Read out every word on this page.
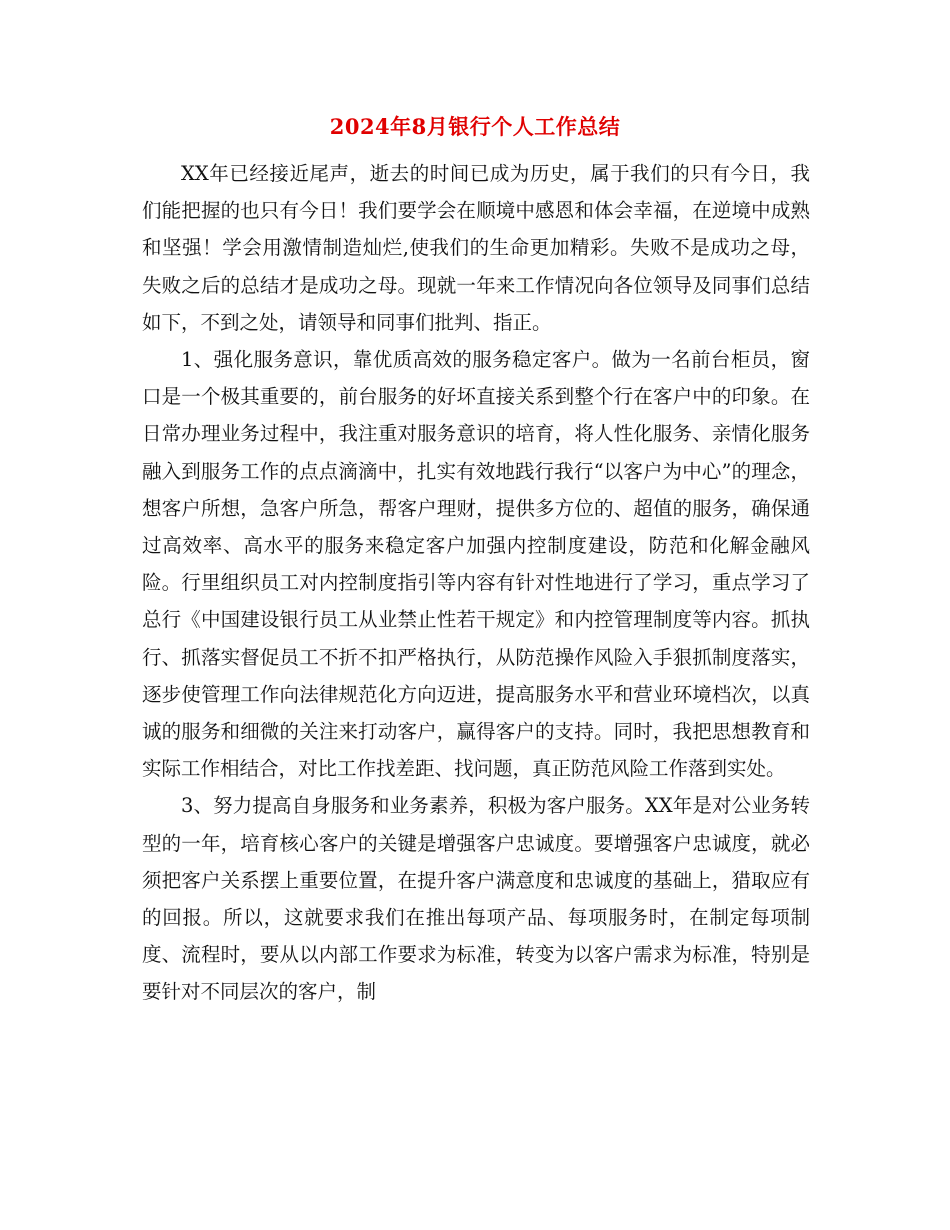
2024年8月银行个人工作总结

XX年已经接近尾声，逝去的时间已成为历史，属于我们的只有今日，我们能把握的也只有今日！我们要学会在顺境中感恩和体会幸福，在逆境中成熟和坚强！学会用激情制造灿烂,使我们的生命更加精彩。失败不是成功之母，失败之后的总结才是成功之母。现就一年来工作情况向各位领导及同事们总结如下，不到之处，请领导和同事们批判、指正。

1、强化服务意识，靠优质高效的服务稳定客户。做为一名前台柜员，窗口是一个极其重要的，前台服务的好坏直接关系到整个行在客户中的印象。在日常办理业务过程中，我注重对服务意识的培育，将人性化服务、亲情化服务融入到服务工作的点点滴滴中，扎实有效地践行我行“以客户为中心”的理念，想客户所想，急客户所急，帮客户理财，提供多方位的、超值的服务，确保通过高效率、高水平的服务来稳定客户加强内控制度建设，防范和化解金融风险。行里组织员工对内控制度指引等内容有针对性地进行了学习，重点学习了总行《中国建设银行员工从业禁止性若干规定》和内控管理制度等内容。抓执行、抓落实督促员工不折不扣严格执行，从防范操作风险入手狠抓制度落实，逐步使管理工作向法律规范化方向迈进，提高服务水平和营业环境档次，以真诚的服务和细微的关注来打动客户，赢得客户的支持。同时，我把思想教育和实际工作相结合，对比工作找差距、找问题，真正防范风险工作落到实处。

3、努力提高自身服务和业务素养，积极为客户服务。XX年是对公业务转型的一年，培育核心客户的关键是增强客户忠诚度。要增强客户忠诚度，就必须把客户关系摆上重要位置，在提升客户满意度和忠诚度的基础上，猎取应有的回报。所以，这就要求我们在推出每项产品、每项服务时，在制定每项制度、流程时，要从以内部工作要求为标准，转变为以客户需求为标准，特别是要针对不同层次的客户，制
